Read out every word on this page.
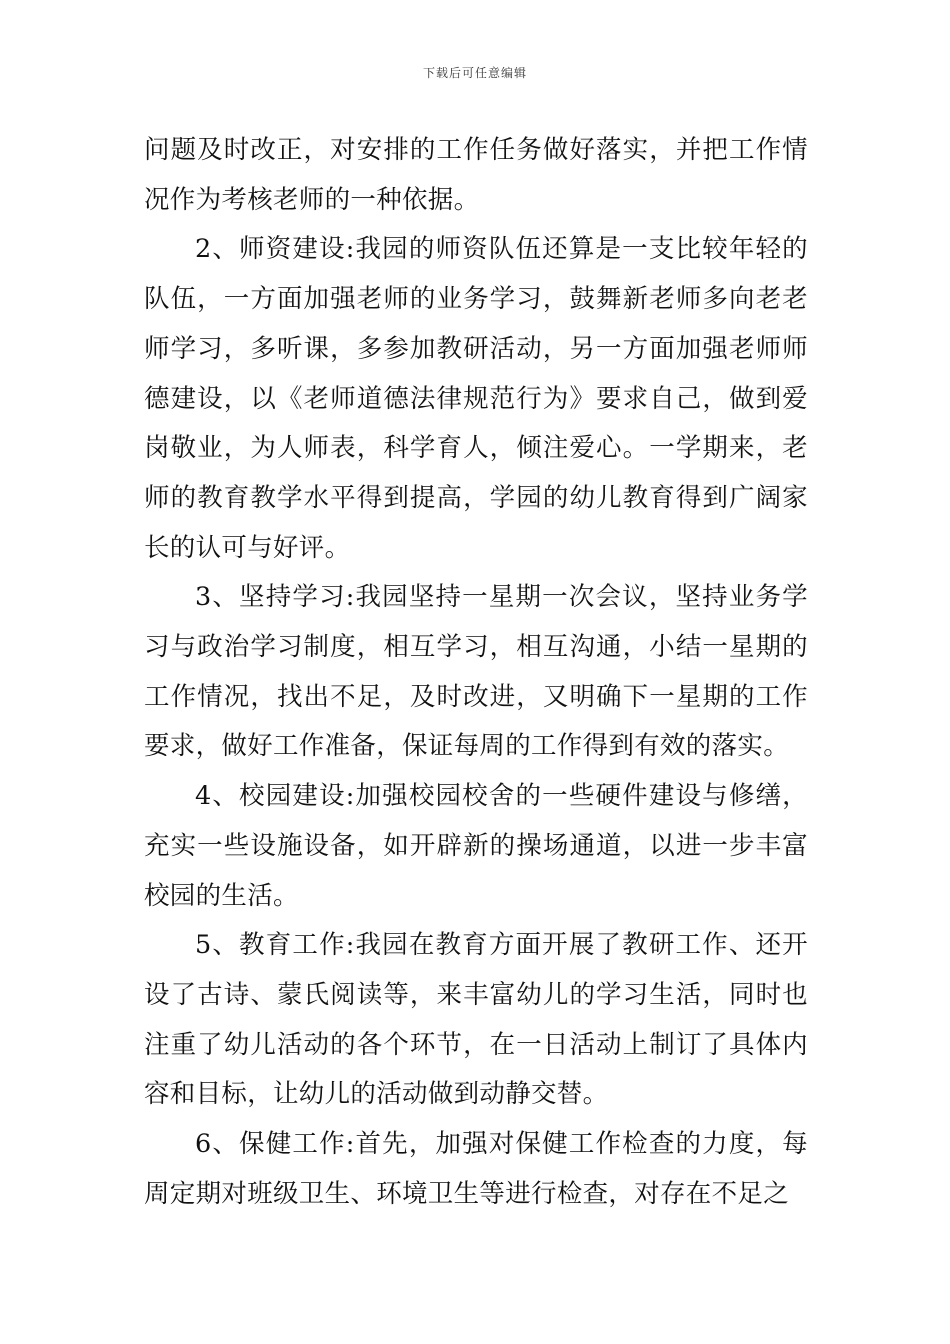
下载后可任意编辑

问题及时改正，对安排的工作任务做好落实，并把工作情况作为考核老师的一种依据。

2、师资建设:我园的师资队伍还算是一支比较年轻的队伍，一方面加强老师的业务学习，鼓舞新老师多向老老师学习，多听课，多参加教研活动，另一方面加强老师师德建设，以《老师道德法律规范行为》要求自己，做到爱岗敬业，为人师表，科学育人，倾注爱心。一学期来，老师的教育教学水平得到提高，学园的幼儿教育得到广阔家长的认可与好评。

3、坚持学习:我园坚持一星期一次会议，坚持业务学习与政治学习制度，相互学习，相互沟通，小结一星期的工作情况，找出不足，及时改进，又明确下一星期的工作要求，做好工作准备，保证每周的工作得到有效的落实。

4、校园建设:加强校园校舍的一些硬件建设与修缮，充实一些设施设备，如开辟新的操场通道，以进一步丰富校园的生活。

5、教育工作:我园在教育方面开展了教研工作、还开设了古诗、蒙氏阅读等，来丰富幼儿的学习生活，同时也注重了幼儿活动的各个环节，在一日活动上制订了具体内容和目标，让幼儿的活动做到动静交替。

6、保健工作:首先，加强对保健工作检查的力度，每周定期对班级卫生、环境卫生等进行检查，对存在不足之
